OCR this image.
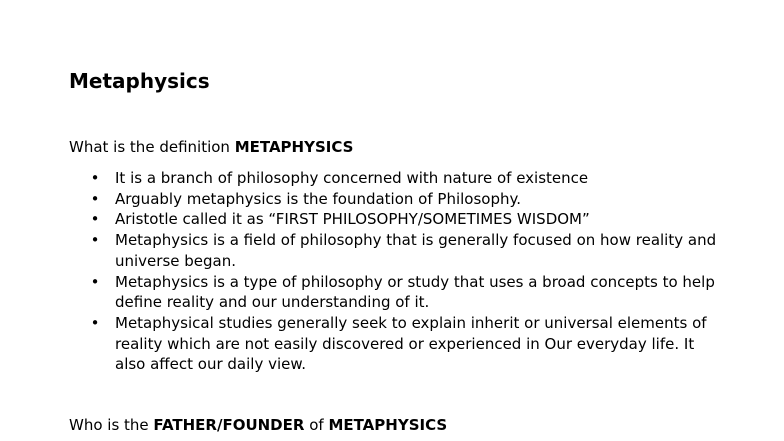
Metaphysics

What is the definition METAPHYSICS

• It is a branch of philosophy concerned with nature of existence
• Arguably metaphysics is the foundation of Philosophy.
• Aristotle called it as “FIRST PHILOSOPHY/SOMETIMES WISDOM”
• Metaphysics is a field of philosophy that is generally focused on how reality and universe began.
• Metaphysics is a type of philosophy or study that uses a broad concepts to help define reality and our understanding of it.
• Metaphysical studies generally seek to explain inherit or universal elements of reality which are not easily discovered or experienced in Our everyday life. It also affect our daily view.

Who is the FATHER/FOUNDER of METAPHYSICS
